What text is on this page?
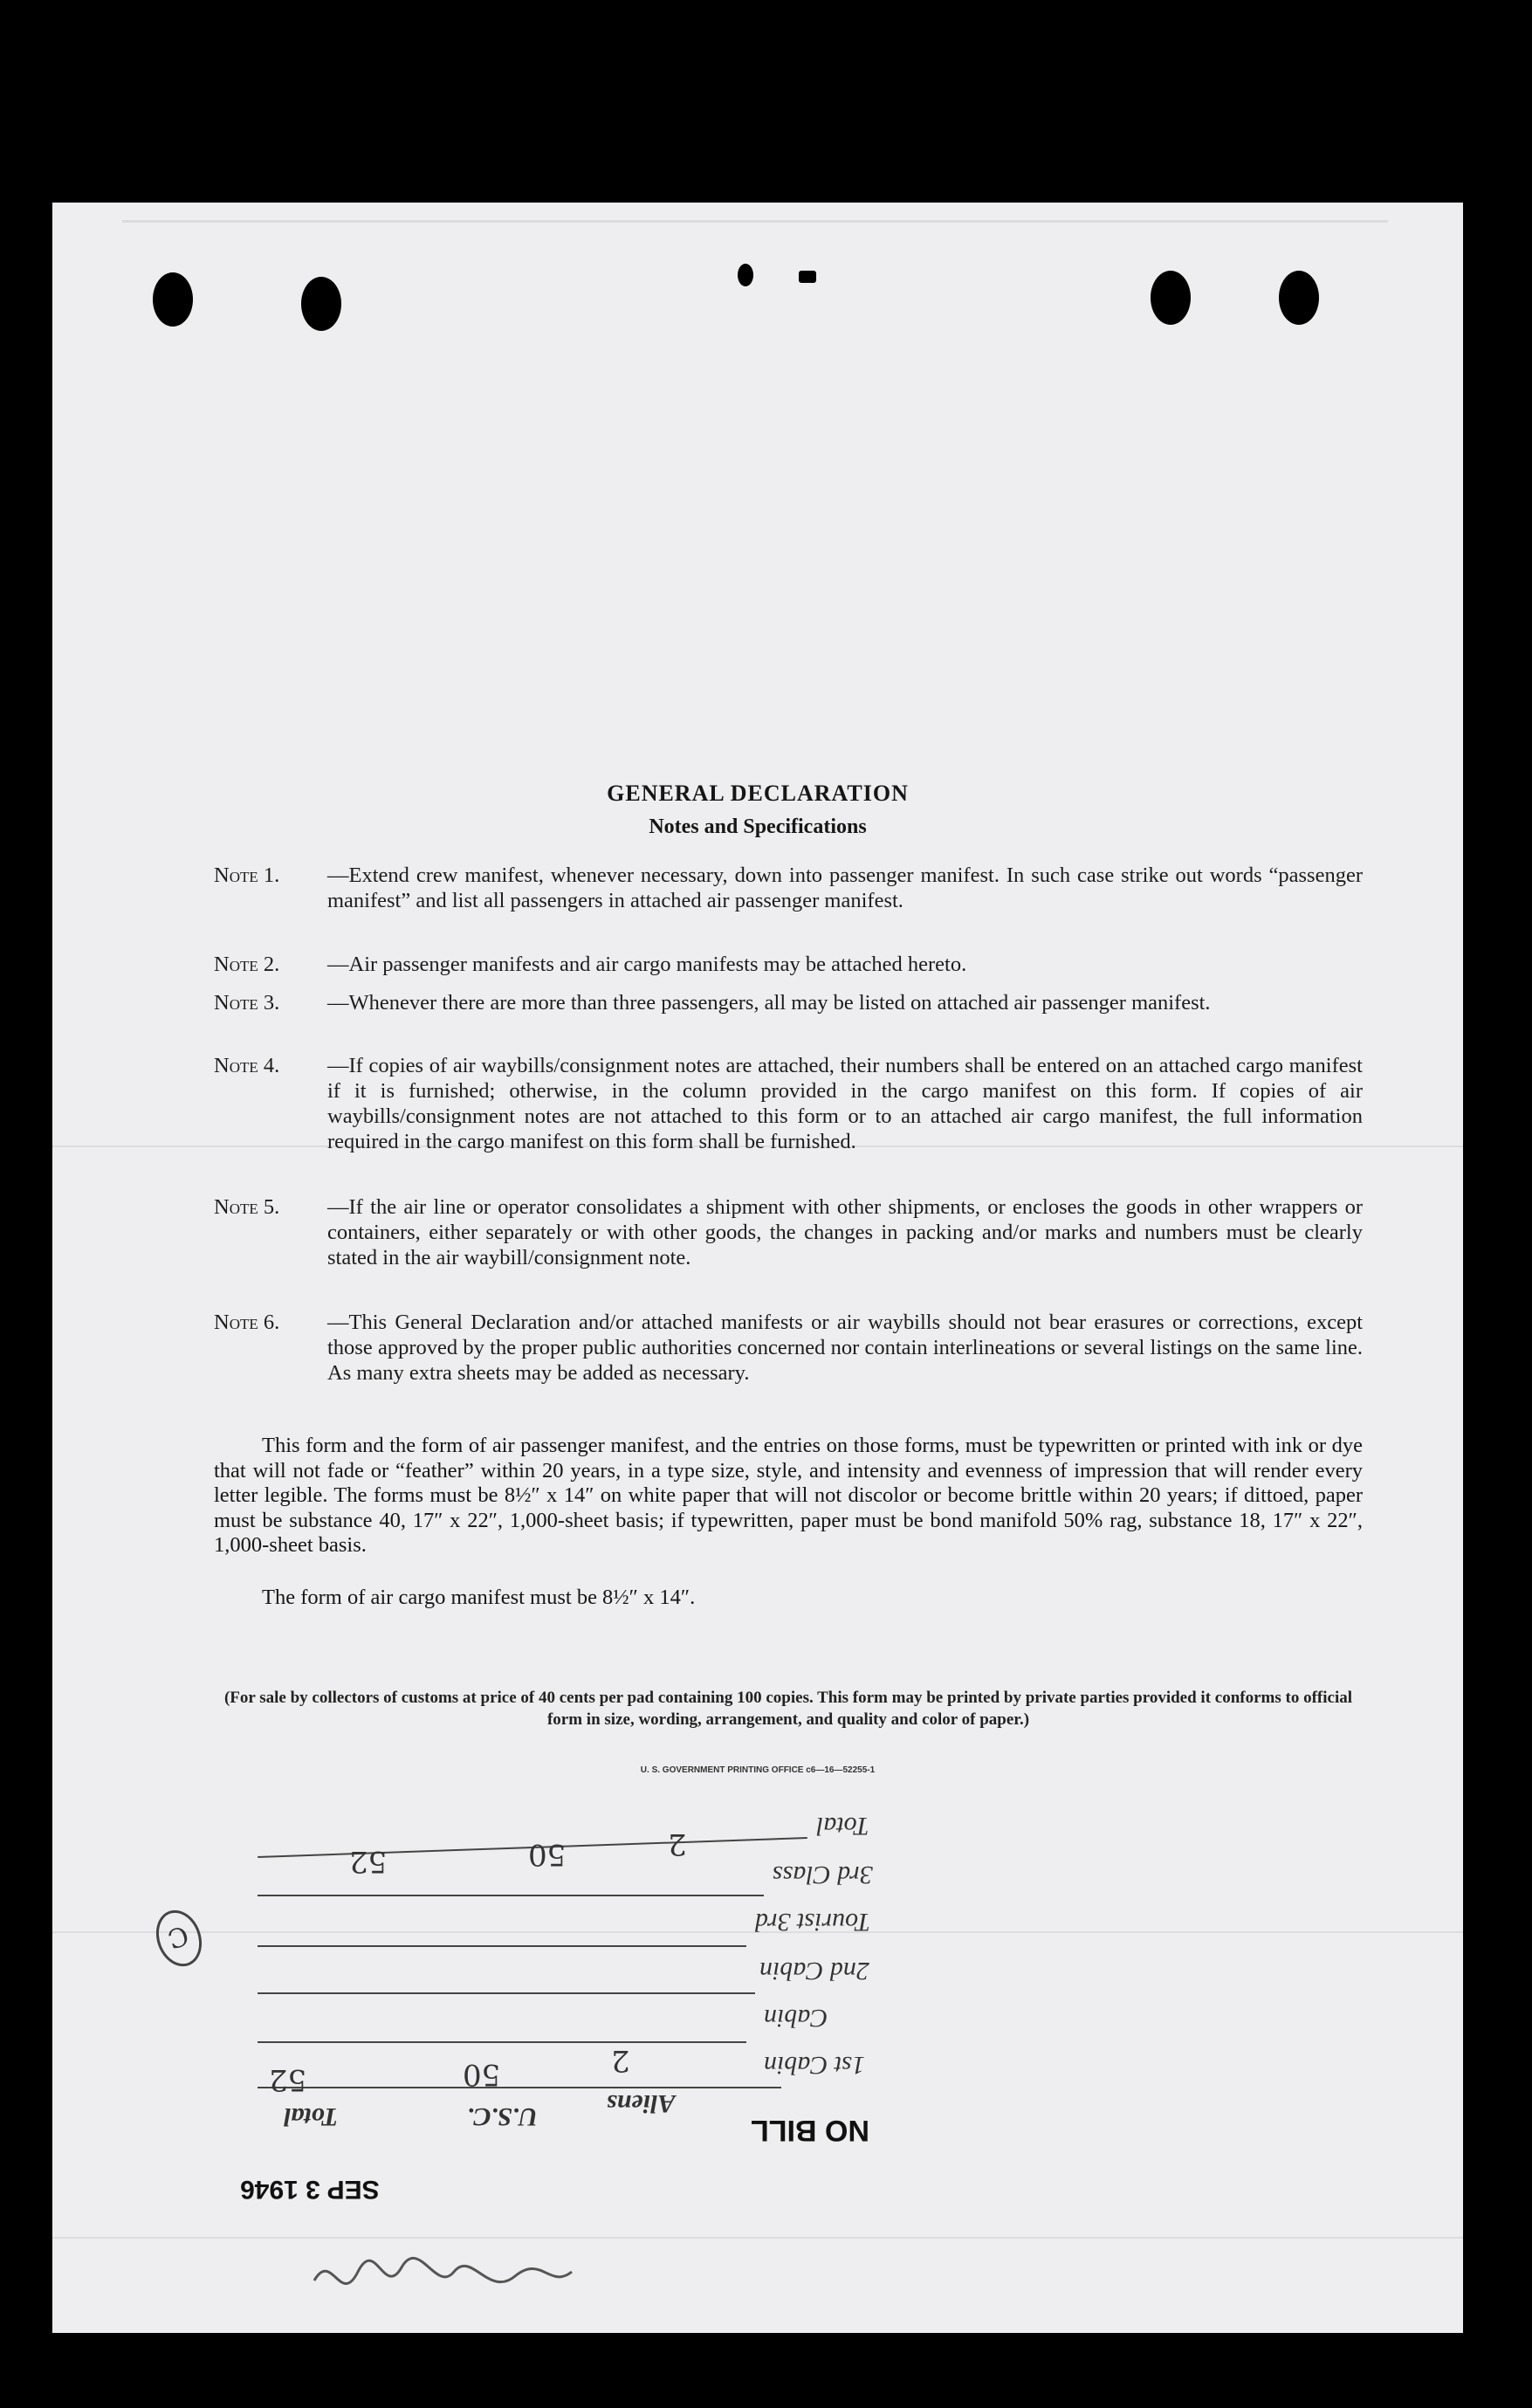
GENERAL DECLARATION
Notes and Specifications
Note 1. —Extend crew manifest, whenever necessary, down into passenger manifest. In such case strike out words “passenger manifest” and list all passengers in attached air passenger manifest.
Note 2. —Air passenger manifests and air cargo manifests may be attached hereto.
Note 3. —Whenever there are more than three passengers, all may be listed on attached air passenger manifest.
Note 4. —If copies of air waybills/consignment notes are attached, their numbers shall be entered on an attached cargo manifest if it is furnished; otherwise, in the column provided in the cargo manifest on this form. If copies of air waybills/consignment notes are not attached to this form or to an attached air cargo manifest, the full information required in the cargo manifest on this form shall be furnished.
Note 5. —If the air line or operator consolidates a shipment with other shipments, or encloses the goods in other wrappers or containers, either separately or with other goods, the changes in packing and/or marks and numbers must be clearly stated in the air waybill/consignment note.
Note 6. —This General Declaration and/or attached manifests or air waybills should not bear erasures or corrections, except those approved by the proper public authorities concerned nor contain interlineations or several listings on the same line. As many extra sheets may be added as necessary.
This form and the form of air passenger manifest, and the entries on those forms, must be typewritten or printed with ink or dye that will not fade or “feather” within 20 years, in a type size, style, and intensity and evenness of impression that will render every letter legible. The forms must be 8½″ x 14″ on white paper that will not discolor or become brittle within 20 years; if dittoed, paper must be substance 40, 17″ x 22″, 1,000-sheet basis; if typewritten, paper must be bond manifold 50% rag, substance 18, 17″ x 22″, 1,000-sheet basis.
The form of air cargo manifest must be 8½″ x 14″.
(For sale by collectors of customs at price of 40 cents per pad containing 100 copies. This form may be printed by private parties provided it conforms to official form in size, wording, arrangement, and quality and color of paper.)
U. S. GOVERNMENT PRINTING OFFICE c6—16—52255-1
Total
3rd Class
Tourist 3rd
2nd Cabin
Cabin
1st Cabin
52	50	2
C
Aliens
U.S.C.
Total
2
50
52
NO BILL
SEP 3 1946
